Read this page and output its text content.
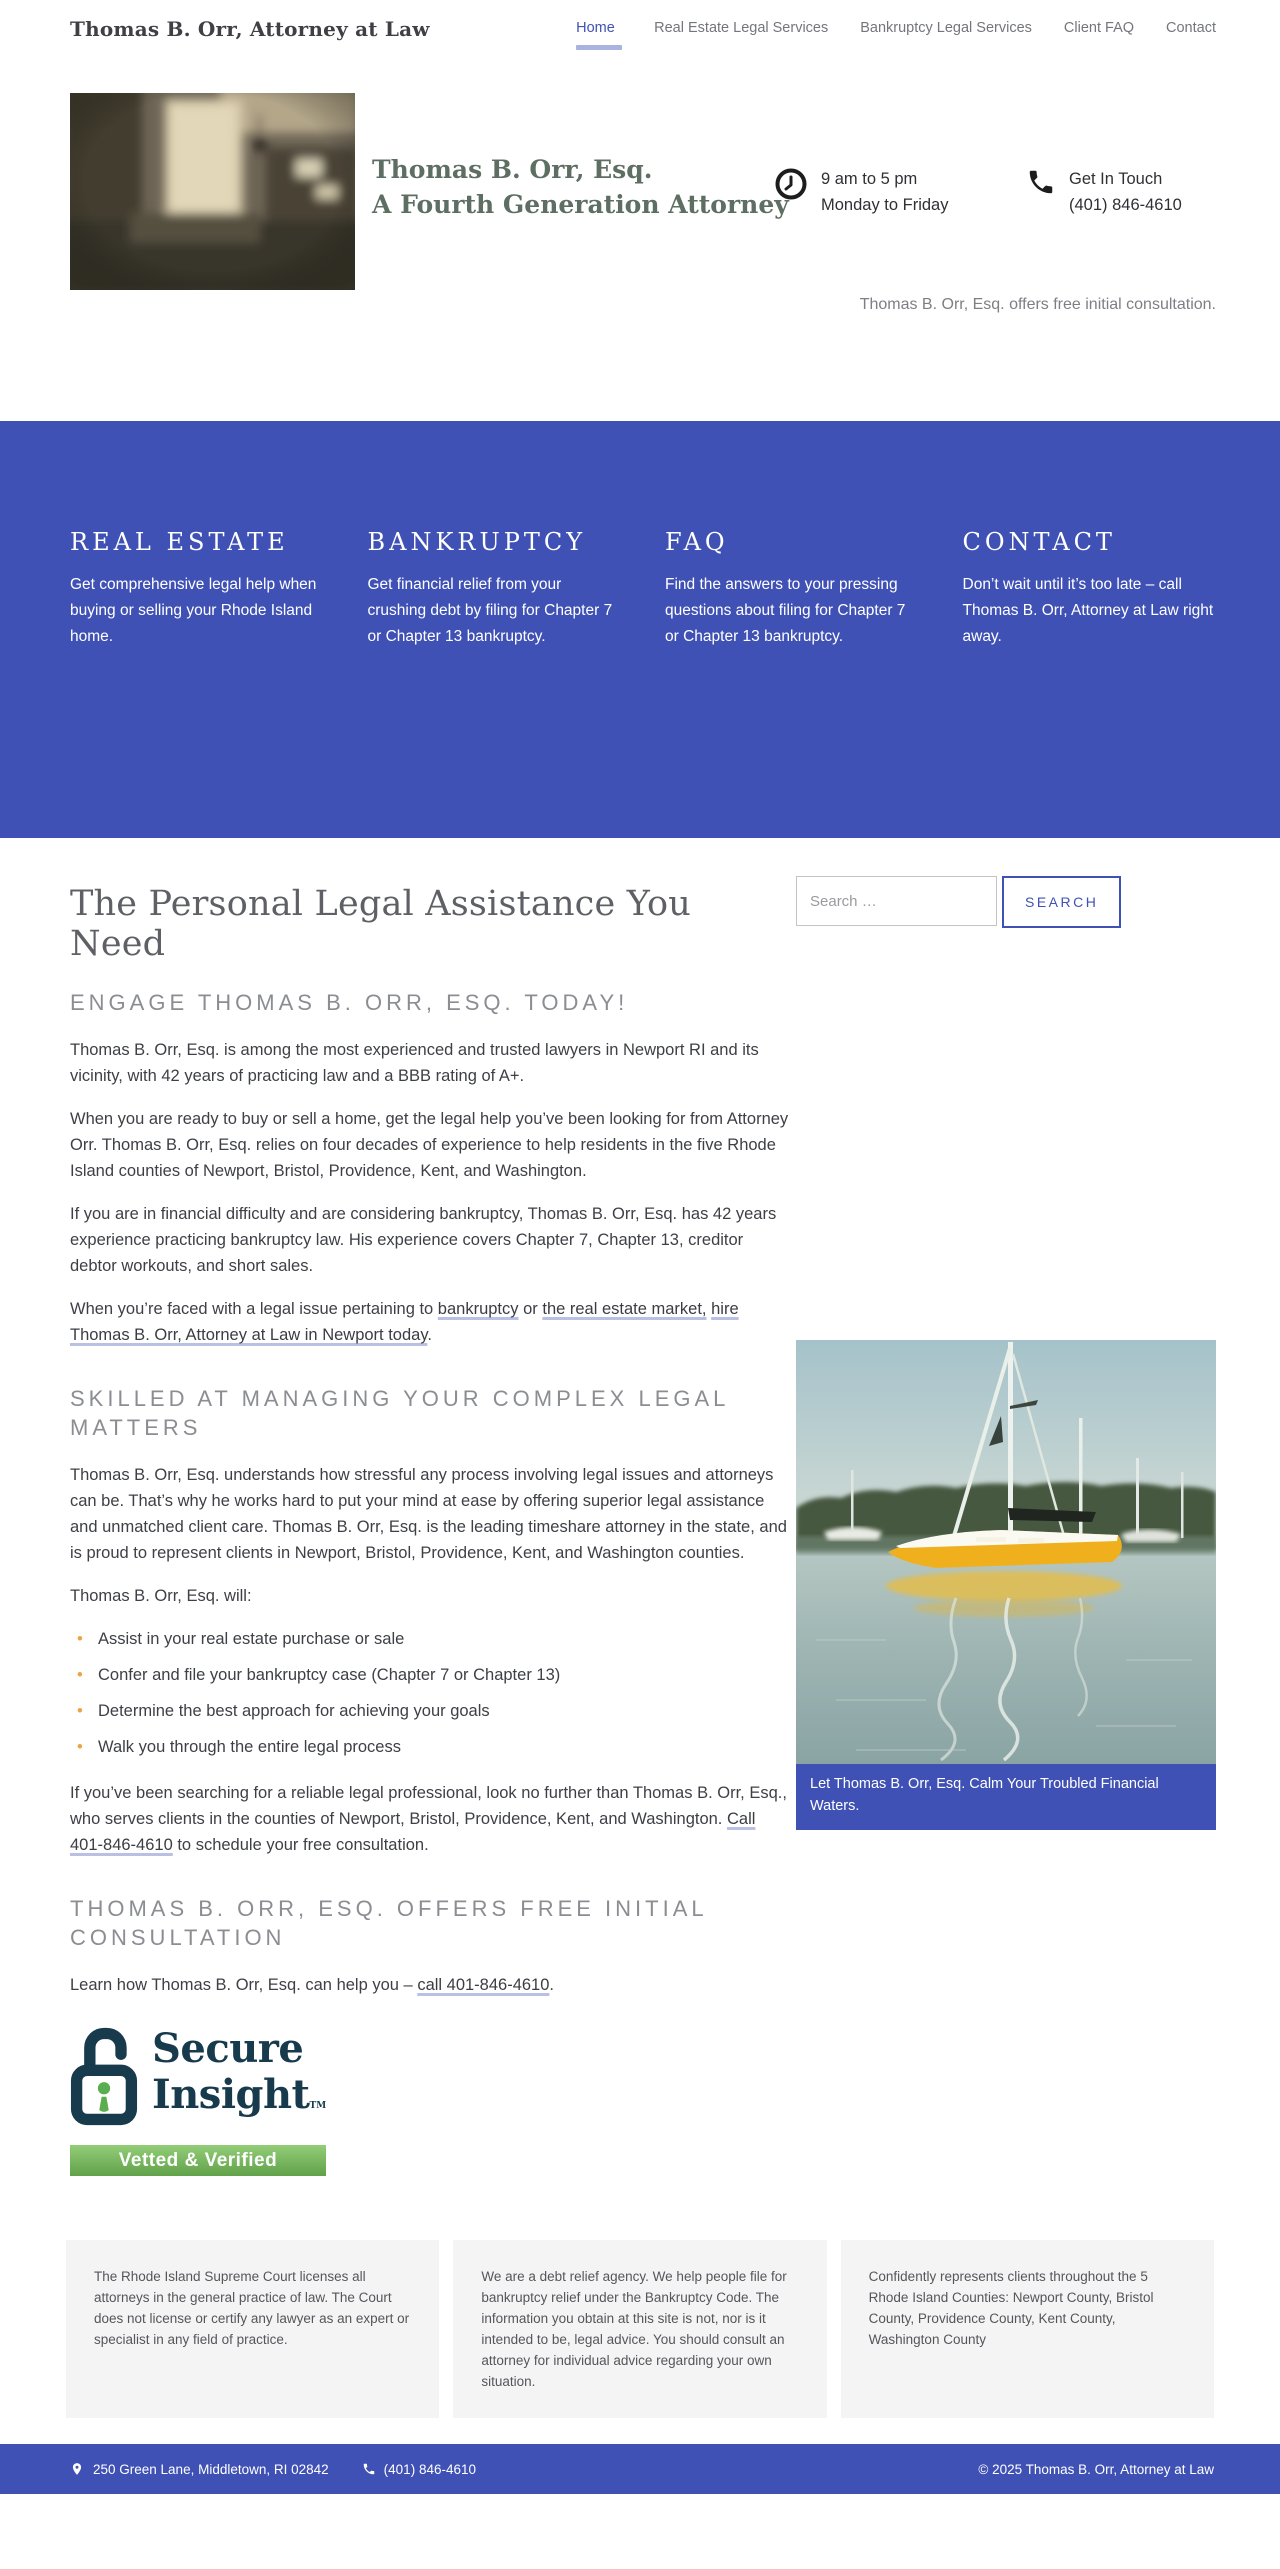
Thomas B. Orr, Attorney at Law	Home	Real Estate Legal Services Bankruptcy Legal Services Client FAQ Contact
Thomas B. Orr, Esq.
A Fourth Generation Attorney
9 am to 5 pm
Monday to Friday
Get In Touch
(401) 846-4610
Thomas B. Orr, Esq. offers free initial consultation.
REAL ESTATE

Get comprehensive legal help when buying or selling your Rhode Island home.

BANKRUPTCY

Get financial relief from your crushing debt by filing for Chapter 7 or Chapter 13 bankruptcy.

FAQ

Find the answers to your pressing questions about filing for Chapter 7 or Chapter 13 bankruptcy.

CONTACT

Don’t wait until it’s too late – call Thomas B. Orr, Attorney at Law right away.

The Personal Legal Assistance You Need
ENGAGE THOMAS B. ORR, ESQ. TODAY!

Thomas B. Orr, Esq. is among the most experienced and trusted lawyers in Newport RI and its vicinity, with 42 years of practicing law and a BBB rating of A+.

When you are ready to buy or sell a home, get the legal help you’ve been looking for from Attorney Orr. Thomas B. Orr, Esq. relies on four decades of experience to help residents in the five Rhode Island counties of Newport, Bristol, Providence, Kent, and Washington.

If you are in financial difficulty and are considering bankruptcy, Thomas B. Orr, Esq. has 42 years experience practicing bankruptcy law. His experience covers Chapter 7, Chapter 13, creditor debtor workouts, and short sales.

When you’re faced with a legal issue pertaining to bankruptcy or the real estate market, hire Thomas B. Orr, Attorney at Law in Newport today.

SKILLED AT MANAGING YOUR COMPLEX LEGAL MATTERS

Thomas B. Orr, Esq. understands how stressful any process involving legal issues and attorneys can be. That’s why he works hard to put your mind at ease by offering superior legal assistance and unmatched client care. Thomas B. Orr, Esq. is the leading timeshare attorney in the state, and is proud to represent clients in Newport, Bristol, Providence, Kent, and Washington counties.

Thomas B. Orr, Esq. will:

• Assist in your real estate purchase or sale
• Confer and file your bankruptcy case (Chapter 7 or Chapter 13)
• Determine the best approach for achieving your goals
• Walk you through the entire legal process

If you’ve been searching for a reliable legal professional, look no further than Thomas B. Orr, Esq., who serves clients in the counties of Newport, Bristol, Providence, Kent, and Washington. Call 401-846-4610 to schedule your free consultation.

THOMAS B. ORR, ESQ. OFFERS FREE INITIAL CONSULTATION

Learn how Thomas B. Orr, Esq. can help you – call 401-846-4610.

Secure
InsightTM
Vetted & Verified
Search …
SEARCH
Let Thomas B. Orr, Esq. Calm Your Troubled Financial Waters.
The Rhode Island Supreme Court licenses all attorneys in the general practice of law. The Court does not license or certify any lawyer as an expert or specialist in any field of practice.
We are a debt relief agency. We help people file for bankruptcy relief under the Bankruptcy Code. The information you obtain at this site is not, nor is it intended to be, legal advice. You should consult an attorney for individual advice regarding your own situation.
Confidently represents clients throughout the 5 Rhode Island Counties: Newport County, Bristol County, Providence County, Kent County, Washington County
250 Green Lane, Middletown, RI 02842	(401) 846-4610	© 2025 Thomas B. Orr, Attorney at Law
